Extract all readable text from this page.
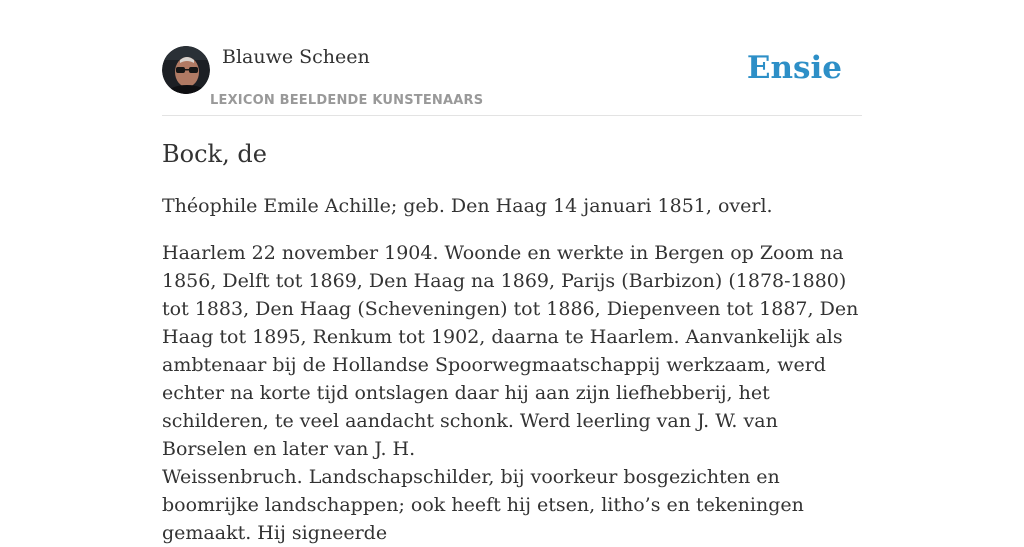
Blauwe Scheen
LEXICON BEELDENDE KUNSTENAARS
Ensie
Bock, de
Théophile Emile Achille; geb. Den Haag 14 januari 1851, overl.
Haarlem 22 november 1904. Woonde en werkte in Bergen op Zoom na 1856, Delft tot 1869, Den Haag na 1869, Parijs (Barbizon) (1878-1880) tot 1883, Den Haag (Scheveningen) tot 1886, Diepenveen tot 1887, Den Haag tot 1895, Renkum tot 1902, daarna te Haarlem. Aanvankelijk als ambtenaar bij de Hollandse Spoorwegmaatschappij werkzaam, werd echter na korte tijd ontslagen daar hij aan zijn liefhebberij, het schilderen, te veel aandacht schonk. Werd leerling van J. W. van Borselen en later van J. H.
Weissenbruch. Landschapschilder, bij voorkeur bosgezichten en boomrijke landschappen; ook heeft hij etsen, litho’s en tekeningen gemaakt. Hij signeerde
